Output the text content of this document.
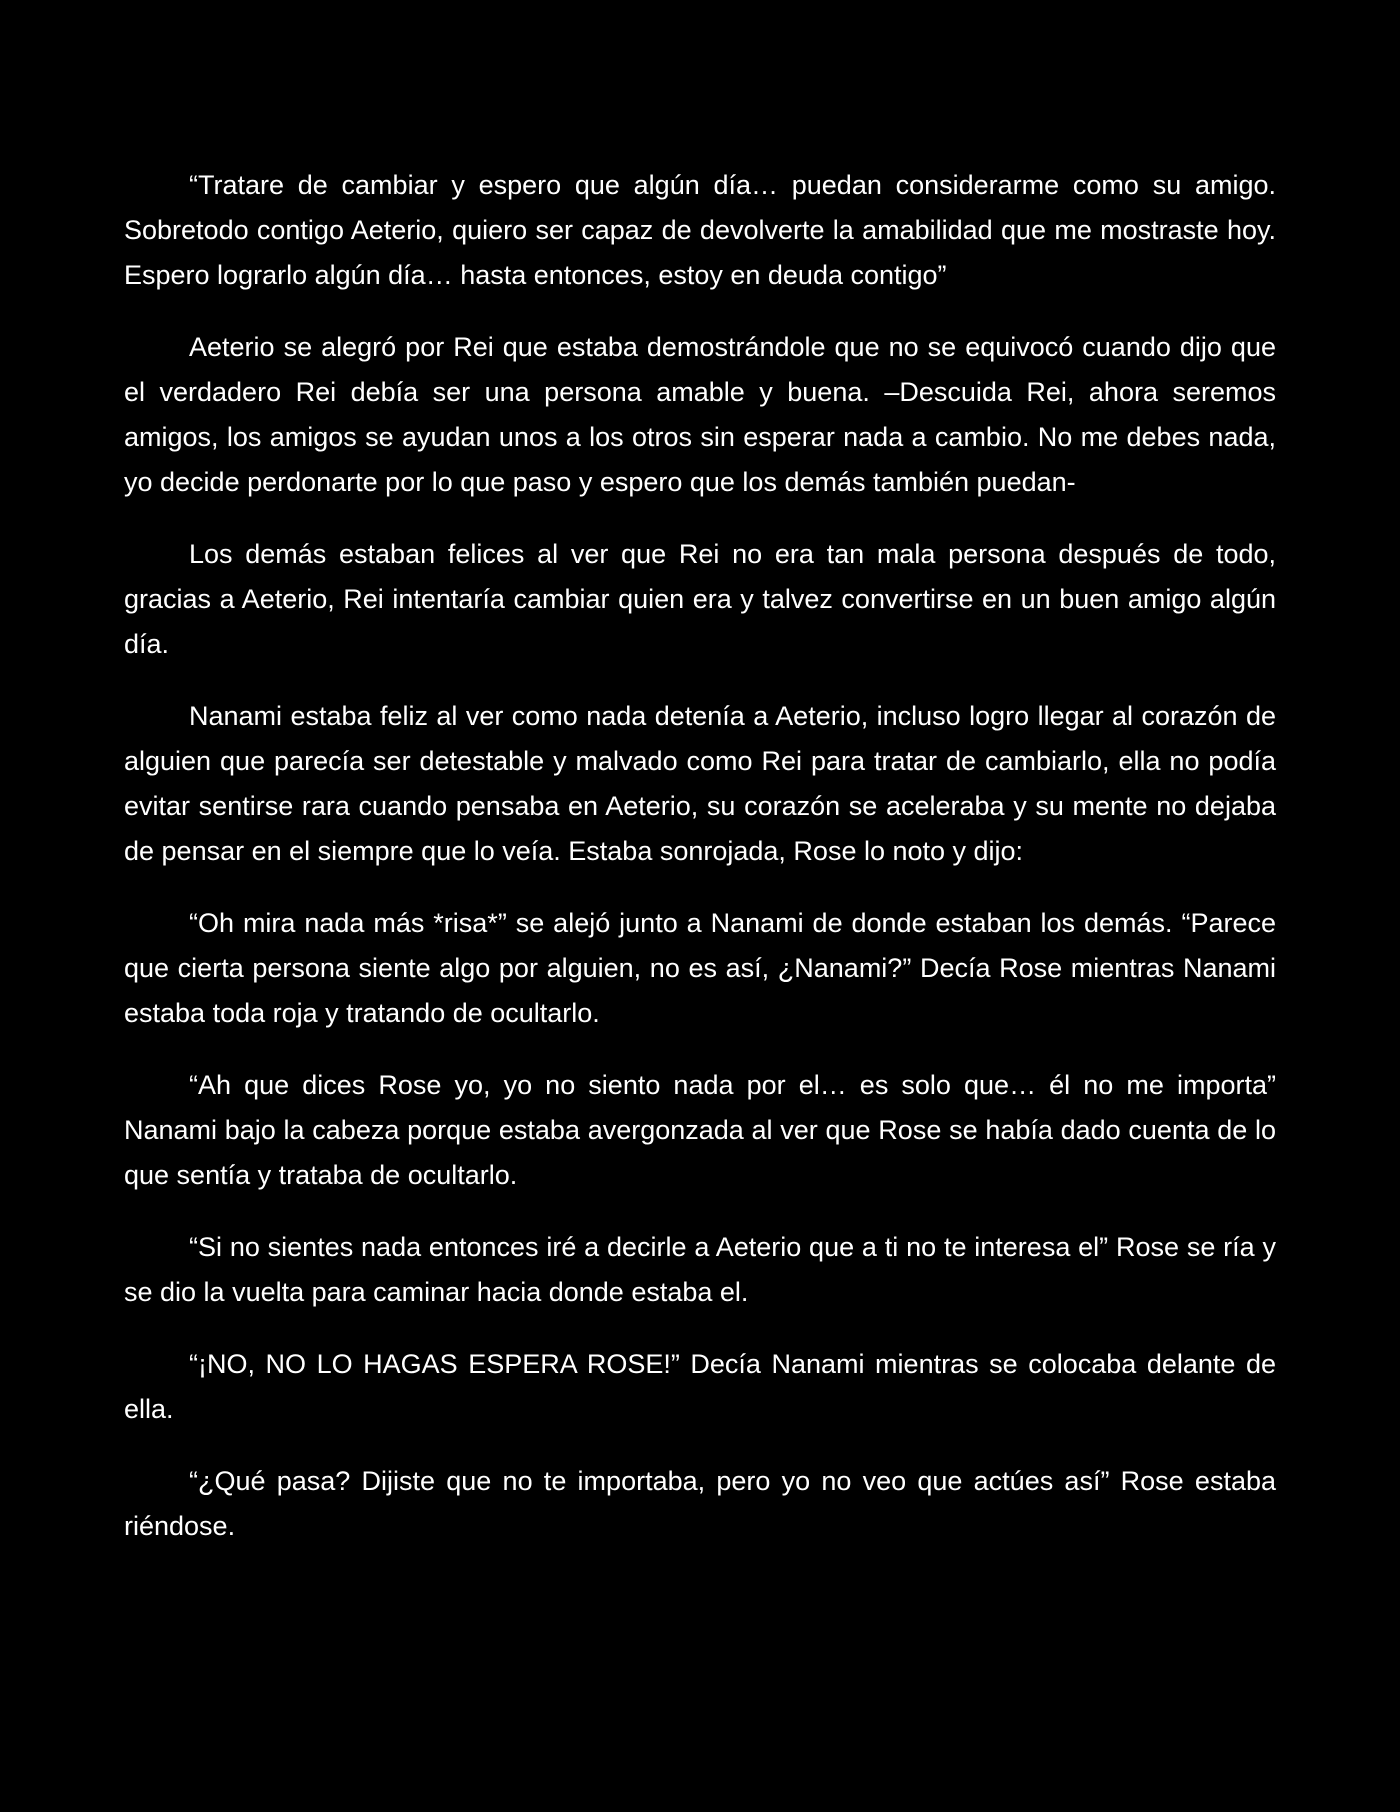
“Tratare de cambiar y espero que algún día… puedan considerarme como su amigo. Sobretodo contigo Aeterio, quiero ser capaz de devolverte la amabilidad que me mostraste hoy. Espero lograrlo algún día… hasta entonces, estoy en deuda contigo”

Aeterio se alegró por Rei que estaba demostrándole que no se equivocó cuando dijo que el verdadero Rei debía ser una persona amable y buena. –Descuida Rei, ahora seremos amigos, los amigos se ayudan unos a los otros sin esperar nada a cambio. No me debes nada, yo decide perdonarte por lo que paso y espero que los demás también puedan-

Los demás estaban felices al ver que Rei no era tan mala persona después de todo, gracias a Aeterio, Rei intentaría cambiar quien era y talvez convertirse en un buen amigo algún día.

Nanami estaba feliz al ver como nada detenía a Aeterio, incluso logro llegar al corazón de alguien que parecía ser detestable y malvado como Rei para tratar de cambiarlo, ella no podía evitar sentirse rara cuando pensaba en Aeterio, su corazón se aceleraba y su mente no dejaba de pensar en el siempre que lo veía. Estaba sonrojada, Rose lo noto y dijo:

“Oh mira nada más *risa*” se alejó junto a Nanami de donde estaban los demás. “Parece que cierta persona siente algo por alguien, no es así, ¿Nanami?” Decía Rose mientras Nanami estaba toda roja y tratando de ocultarlo.

“Ah que dices Rose yo, yo no siento nada por el… es solo que… él no me importa” Nanami bajo la cabeza porque estaba avergonzada al ver que Rose se había dado cuenta de lo que sentía y trataba de ocultarlo.

“Si no sientes nada entonces iré a decirle a Aeterio que a ti no te interesa el” Rose se ría y se dio la vuelta para caminar hacia donde estaba el.

“¡NO, NO LO HAGAS ESPERA ROSE!” Decía Nanami mientras se colocaba delante de ella.

“¿Qué pasa? Dijiste que no te importaba, pero yo no veo que actúes así” Rose estaba riéndose.
